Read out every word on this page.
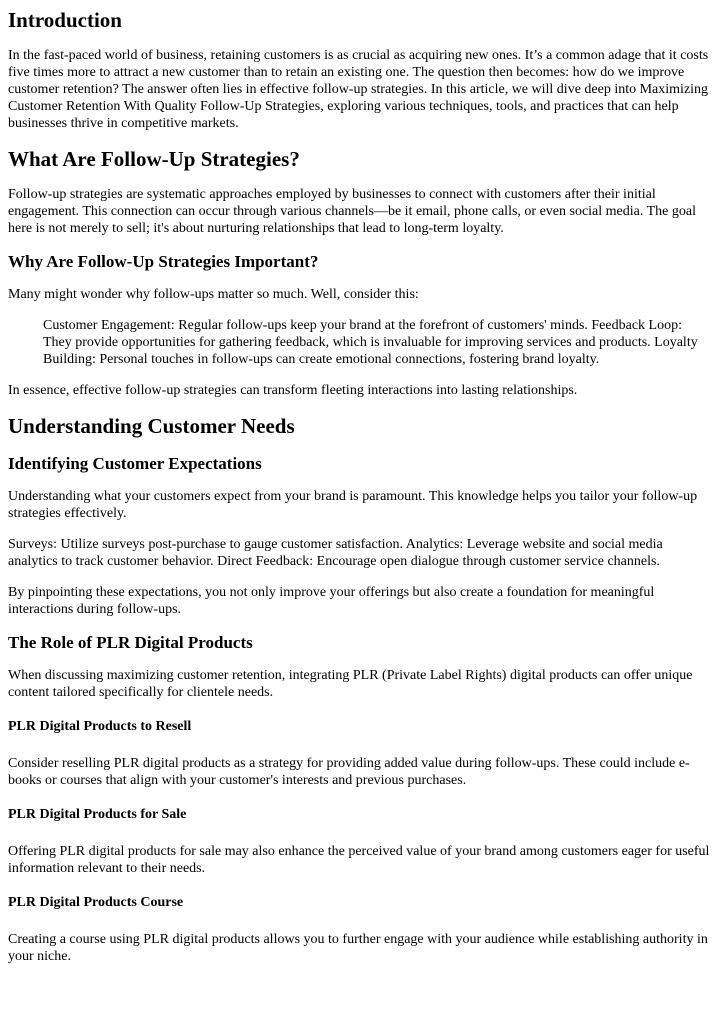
Introduction

In the fast-paced world of business, retaining customers is as crucial as acquiring new ones. It’s a common adage that it costs five times more to attract a new customer than to retain an existing one. The question then becomes: how do we improve customer retention? The answer often lies in effective follow-up strategies. In this article, we will dive deep into Maximizing Customer Retention With Quality Follow-Up Strategies, exploring various techniques, tools, and practices that can help businesses thrive in competitive markets.

What Are Follow-Up Strategies?

Follow-up strategies are systematic approaches employed by businesses to connect with customers after their initial engagement. This connection can occur through various channels—be it email, phone calls, or even social media. The goal here is not merely to sell; it's about nurturing relationships that lead to long-term loyalty.

Why Are Follow-Up Strategies Important?

Many might wonder why follow-ups matter so much. Well, consider this:

Customer Engagement: Regular follow-ups keep your brand at the forefront of customers' minds. Feedback Loop: They provide opportunities for gathering feedback, which is invaluable for improving services and products. Loyalty Building: Personal touches in follow-ups can create emotional connections, fostering brand loyalty.

In essence, effective follow-up strategies can transform fleeting interactions into lasting relationships.

Understanding Customer Needs
Identifying Customer Expectations

Understanding what your customers expect from your brand is paramount. This knowledge helps you tailor your follow-up strategies effectively.

Surveys: Utilize surveys post-purchase to gauge customer satisfaction. Analytics: Leverage website and social media analytics to track customer behavior. Direct Feedback: Encourage open dialogue through customer service channels.

By pinpointing these expectations, you not only improve your offerings but also create a foundation for meaningful interactions during follow-ups.

The Role of PLR Digital Products

When discussing maximizing customer retention, integrating PLR (Private Label Rights) digital products can offer unique content tailored specifically for clientele needs.

PLR Digital Products to Resell

Consider reselling PLR digital products as a strategy for providing added value during follow-ups. These could include e-books or courses that align with your customer's interests and previous purchases.

PLR Digital Products for Sale

Offering PLR digital products for sale may also enhance the perceived value of your brand among customers eager for useful information relevant to their needs.

PLR Digital Products Course

Creating a course using PLR digital products allows you to further engage with your audience while establishing authority in your niche.
